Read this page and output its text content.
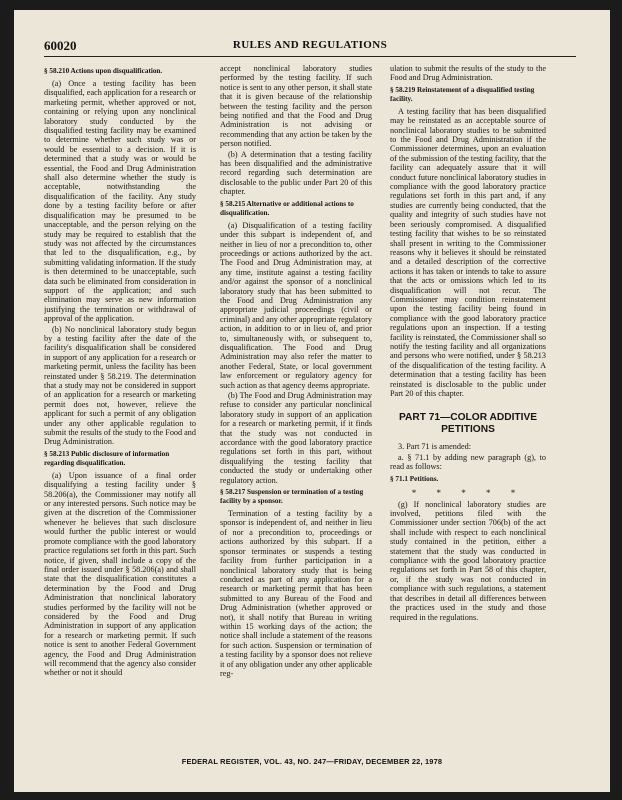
60020	RULES AND REGULATIONS
§ 58.210 Actions upon disqualification.
(a) Once a testing facility has been disqualified, each application for a research or marketing permit, whether approved or not, containing or relying upon any nonclinical laboratory study conducted by the disqualified testing facility may be examined to determine whether such study was or would be essential to a decision. If it is determined that a study was or would be essential, the Food and Drug Administration shall also determine whether the study is acceptable, notwithstanding the disqualification of the facility. Any study done by a testing facility before or after disqualification may be presumed to be unacceptable, and the person relying on the study may be required to establish that the study was not affected by the circumstances that led to the disqualification, e.g., by submitting validating information. If the study is then determined to be unacceptable, such data such be eliminated from consideration in support of the application; and such elimination may serve as new information justifying the termination or withdrawal of approval of the application.
(b) No nonclinical laboratory study begun by a testing facility after the date of the facility's disqualification shall be considered in support of any application for a research or marketing permit, unless the facility has been reinstated under § 58.219. The determination that a study may not be considered in support of an application for a research or marketing permit does not, however, relieve the applicant for such a permit of any obligation under any other applicable regulation to submit the results of the study to the Food and Drug Administration.
§ 58.213 Public disclosure of information regarding disqualification.
(a) Upon issuance of a final order disqualifying a testing facility under § 58.206(a), the Commissioner may notify all or any interested persons. Such notice may be given at the discretion of the Commissioner whenever he believes that such disclosure would further the public interest or would promote compliance with the good laboratory practice regulations set forth in this part. Such notice, if given, shall include a copy of the final order issued under § 58.206(a) and shall state that the disqualification constitutes a determination by the Food and Drug Administration that nonclinical laboratory studies performed by the facility will not be considered by the Food and Drug Administration in support of any application for a research or marketing permit. If such notice is sent to another Federal Government agency, the Food and Drug Administration will recommend that the agency also consider whether or not it should
accept nonclinical laboratory studies performed by the testing facility. If such notice is sent to any other person, it shall state that it is given because of the relationship between the testing facility and the person being notified and that the Food and Drug Administration is not advising or recommending that any action be taken by the person notified.
(b) A determination that a testing facility has been disqualified and the administrative record regarding such determination are disclosable to the public under Part 20 of this chapter.
§ 58.215 Alternative or additional actions to disqualification.
(a) Disqualification of a testing facility under this subpart is independent of, and neither in lieu of nor a precondition to, other proceedings or actions authorized by the act. The Food and Drug Administration may, at any time, institute against a testing facility and/or against the sponsor of a nonclinical laboratory study that has been submitted to the Food and Drug Administration any appropriate judicial proceedings (civil or criminal) and any other appropriate regulatory action, in addition to or in lieu of, and prior to, simultaneously with, or subsequent to, disqualification. The Food and Drug Administration may also refer the matter to another Federal, State, or local government law enforcement or regulatory agency for such action as that agency deems appropriate.
(b) The Food and Drug Administration may refuse to consider any particular nonclinical laboratory study in support of an application for a research or marketing permit, if it finds that the study was not conducted in accordance with the good laboratory practice regulations set forth in this part, without disqualifying the testing facility that conducted the study or undertaking other regulatory action.
§ 58.217 Suspension or termination of a testing facility by a sponsor.
Termination of a testing facility by a sponsor is independent of, and neither in lieu of nor a precondition to, proceedings or actions authorized by this subpart. If a sponsor terminates or suspends a testing facility from further participation in a nonclinical laboratory study that is being conducted as part of any application for a research or marketing permit that has been submitted to any Bureau of the Food and Drug Administration (whether approved or not), it shall notify that Bureau in writing within 15 working days of the action; the notice shall include a statement of the reasons for such action. Suspension or termination of a testing facility by a sponsor does not relieve it of any obligation under any other applicable reg-
ulation to submit the results of the study to the Food and Drug Administration.
§ 58.219 Reinstatement of a disqualified testing facility.
A testing facility that has been disqualified may be reinstated as an acceptable source of nonclinical laboratory studies to be submitted to the Food and Drug Administration if the Commissioner determines, upon an evaluation of the submission of the testing facility, that the facility can adequately assure that it will conduct future nonclinical laboratory studies in compliance with the good laboratory practice regulations set forth in this part and, if any studies are currently being conducted, that the quality and integrity of such studies have not been seriously compromised. A disqualified testing facility that wishes to be so reinstated shall present in writing to the Commissioner reasons why it believes it should be reinstated and a detailed description of the corrective actions it has taken or intends to take to assure that the acts or omissions which led to its disqualification will not recur. The Commissioner may condition reinstatement upon the testing facility being found in compliance with the good laboratory practice regulations upon an inspection. If a testing facility is reinstated, the Commissioner shall so notify the testing facility and all organizations and persons who were notified, under § 58.213 of the disqualification of the testing facility. A determination that a testing facility has been reinstated is disclosable to the public under Part 20 of this chapter.
PART 71—COLOR ADDITIVE PETITIONS
3. Part 71 is amended:
a. § 71.1 by adding new paragraph (g), to read as follows:
§ 71.1 Petitions.
* * * * *
(g) If nonclinical laboratory studies are involved, petitions filed with the Commissioner under section 706(b) of the act shall include with respect to each nonclinical study contained in the petition, either a statement that the study was conducted in compliance with the good laboratory practice regulations set forth in Part 58 of this chapter, or, if the study was not conducted in compliance with such regulations, a statement that describes in detail all differences between the practices used in the study and those required in the regulations.
FEDERAL REGISTER, VOL. 43, NO. 247—FRIDAY, DECEMBER 22, 1978
